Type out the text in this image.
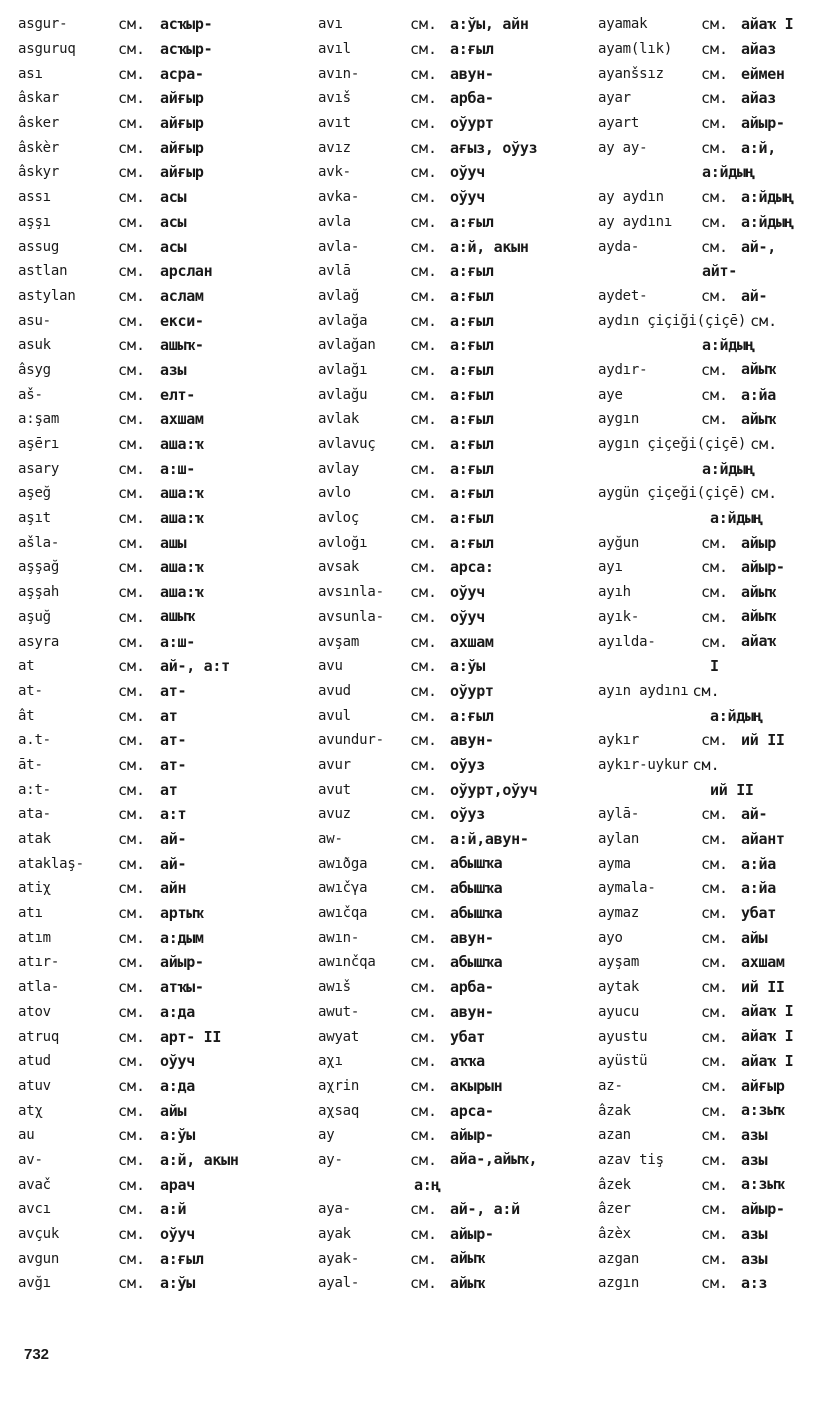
asgur-	см. асҡыр-
asguruq	см. асҡыр-
ası	см. асра-
âskar	см. айғыр
âsker	см. айғыр
âskèr	см. айғыр
âskyr	см. айғыр
assı	см. асы
aşşı	см. асы
assug	см. асы
astlan	см. арслан
astylan	см. аслам
asu-	см. екси-
asuk	см. ашыҡ-
âsyg	см. азы
aš-	см. елт-
a:şam	см. ахшам
aşērı	см. аша:ҡ
asary	см. а:ш-
aşeğ	см. аша:ҡ
aşıt	см. аша:ҡ
ašla-	см. ашы
aşşağ	см. аша:ҡ
aşşah	см. аша:ҡ
aşuğ	см. ашыҡ
asyra	см. а:ш-
at	см. ай-, а:т
at-	см. ат-
ât	см. ат
a.t-	см. ат-
āt-	см. ат-
a:t-	см. ат
ata-	см. а:т
atak	см. ай-
ataklaş-	см. ай-
atiχ	см. айн
atı	см. артыҡ
atım	см. а:дым
atır-	см. айыр-
atla-	см. атҡы-
atov	см. а:да
atruq	см. арт- II
atud	см. оўуч
atuv	см. а:да
atχ	см. айы
au	см. а:ўы
av-	см. а:й, акын
avač	см. арач
avcı	см. а:й
avçuk	см. оўуч
avgun	см. а:ғыл
avğı	см. а:ўы
avı	см. а:ўы, айн
avıl	см. а:ғыл
avın-	см. авун-
avıš	см. арба-
avıt	см. оўурт
avız	см. ағыз, оўуз
avk-	см. оўуч
avka-	см. оўуч
avla	см. а:ғыл
avla-	см. а:й, акын
avlā	см. а:ғыл
avlağ	см. а:ғыл
avlağa	см. а:ғыл
avlağan	см. а:ғыл
avlağı	см. а:ғыл
avlağu	см. а:ғыл
avlak	см. а:ғыл
avlavuç	см. а:ғыл
avlay	см. а:ғыл
avlo	см. а:ғыл
avloç	см. а:ғыл
avloğı	см. а:ғыл
avsak	см. арса:
avsınla-	см. оўуч
avsunla-	см. оўуч
avşam	см. ахшам
avu	см. а:ўы
avud	см. оўурт
avul	см. а:ғыл
avundur-	см. авун-
avur	см. оўуз
avut	см. оўурт,оўуч
avuz	см. оўуз
aw-	см. а:й,авун-
awıðga	см. абышҡа
awıčγa	см. абышҡа
awıčqa	см. абышҡа
awın-	см. авун-
awınčqa	см. абышҡа
awıš	см. арба-
awut-	см. авун-
awyat	см. убат
aχı	см. аҡҡа
aχrin	см. акырын
aχsaq	см. арса-
ay	см. айыр-
ay-	см. айа-,айыҡ,
а:ң
aya-	см. ай-, а:й
ayak	см. айыр-
ayak-	см. айыҡ
ayal-	см. айыҡ
ayamak	см. айаҡ I
ayam(lık)	см. айаз
ayanšsız	см. еймен
ayar	см. айаз
ayart	см. айыр-
ay ay-	см. а:й,
а:йдың
ay aydın	см. а:йдың
ay aydını	см. а:йдың
ayda-	см. ай-,
айт-
aydet-	см. ай-
aydın çiçiği(çiçē) см.
а:йдың
aydır-	см. айыҡ
aye	см. а:йа
aygın	см. айыҡ
aygın çiçeği(çiçē) см.
а:йдың
aygün çiçeği(çiçē) см.
а:йдың
ayğun	см. айыр
ayı	см. айыр-
ayıh	см. айыҡ
ayık-	см. айыҡ
ayılda-	см. айаҡ
I
ayın aydını см.
а:йдың
aykır	см. ий II
aykır-uykur см.
ий II
aylā-	см. ай-
aylan	см. айант
ayma	см. а:йа
aymala-	см. а:йа
aymaz	см. убат
ayo	см. айы
ayşam	см. ахшам
aytak	см. ий II
ayucu	см. айаҡ I
ayustu	см. айаҡ I
ayüstü	см. айаҡ I
az-	см. айғыр
âzak	см. а:зыҡ
azan	см. азы
azav tiş	см. азы
âzek	см. а:зыҡ
âzer	см. айыр-
âzèx	см. азы
azgan	см. азы
azgın	см. а:з
732
